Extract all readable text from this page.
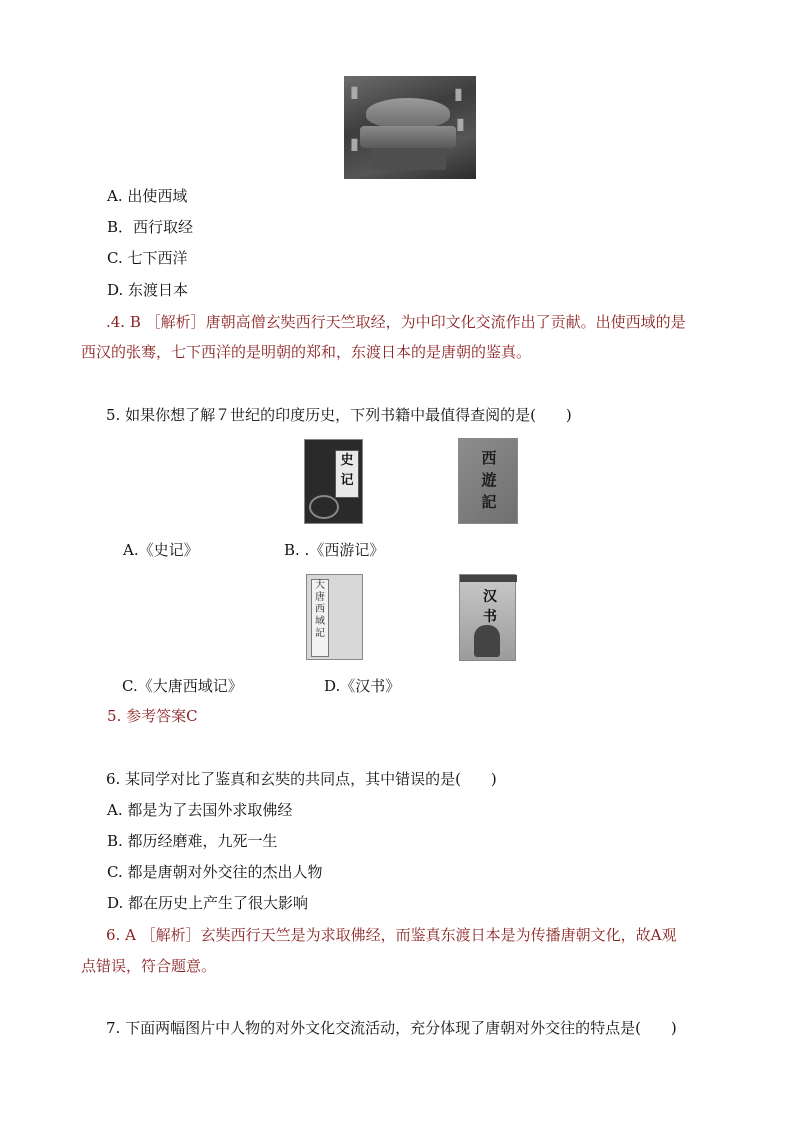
▮	▮
▮
▮
A. 出使西域
B．西行取经
C. 七下西洋
D. 东渡日本
.4. B ［解析］唐朝高僧玄奘西行天竺取经，为中印文化交流作出了贡献。出使西域的是
西汉的张骞，七下西洋的是明朝的郑和，东渡日本的是唐朝的鉴真。
5. 如果你想了解７世纪的印度历史，下列书籍中最值得查阅的是(　　)
史记
西遊記
A.《史记》	B. .《西游记》
大唐西域記
汉书
C.《大唐西域记》	D.《汉书》
5. 参考答案C
6. 某同学对比了鉴真和玄奘的共同点，其中错误的是(　　)
A. 都是为了去国外求取佛经
B. 都历经磨难，九死一生
C. 都是唐朝对外交往的杰出人物
D. 都在历史上产生了很大影响
6. A ［解析］玄奘西行天竺是为求取佛经，而鉴真东渡日本是为传播唐朝文化，故A观
点错误，符合题意。
7. 下面两幅图片中人物的对外文化交流活动，充分体现了唐朝对外交往的特点是(　　)
